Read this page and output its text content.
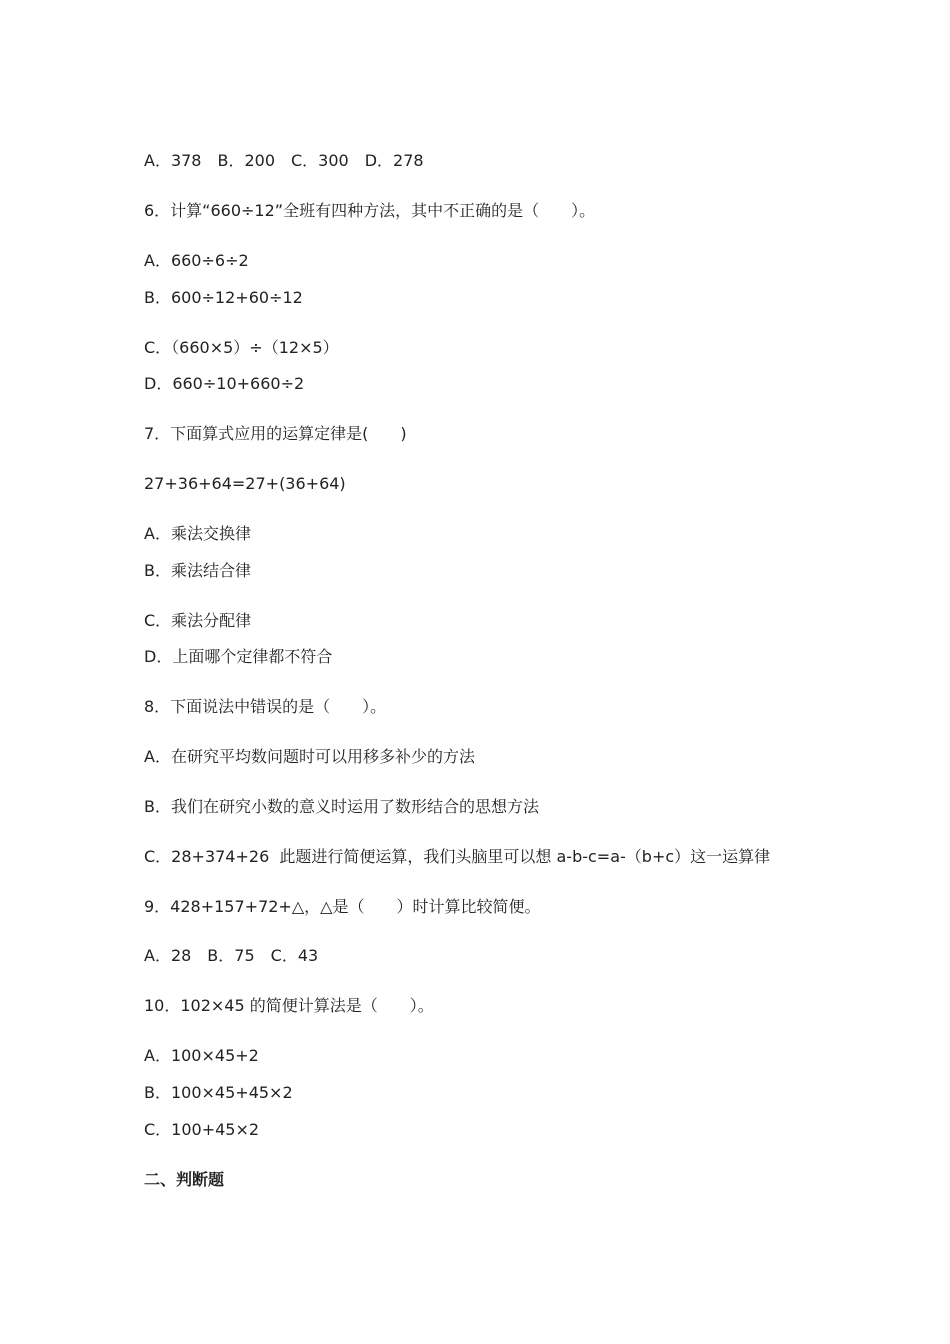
A．378　B．200　C．300　D．278
6．计算“660÷12”全班有四种方法，其中不正确的是（　　）。
A．660÷6÷2
B．600÷12+60÷12
C．（660×5）÷（12×5）
D．660÷10+660÷2
7．下面算式应用的运算定律是(　　)
27+36+64=27+(36+64)
A．乘法交换律
B．乘法结合律
C．乘法分配律
D．上面哪个定律都不符合
8．下面说法中错误的是（　　）。
A．在研究平均数问题时可以用移多补少的方法
B．我们在研究小数的意义时运用了数形结合的思想方法
C．28+374+26  此题进行简便运算，我们头脑里可以想 a-b-c=a-（b+c）这一运算律
9．428+157+72+△，△是（　　）时计算比较简便。
A．28　B．75　C．43
10．102×45 的简便计算法是（　　）。
A．100×45+2
B．100×45+45×2
C．100+45×2
二、判断题
